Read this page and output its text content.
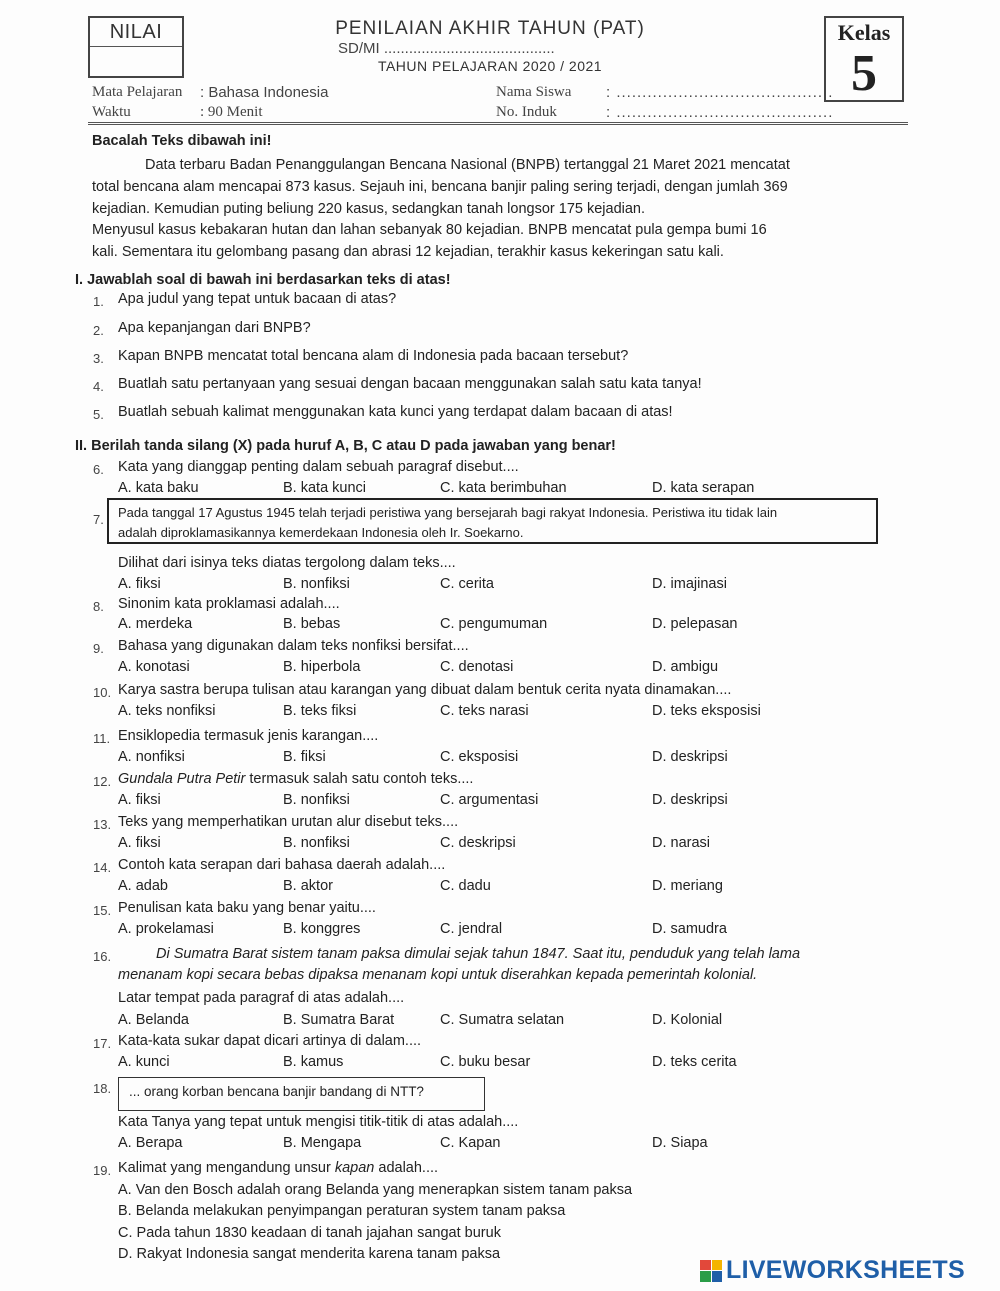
NILAI	PENILAIAN AKHIR TAHUN (PAT)
SD/MI .........................................
TAHUN PELAJARAN 2020 / 2021
Kelas
5
Mata Pelajaran : Bahasa Indonesia
Waktu	: 90 Menit
Nama Siswa : ..........................................
No. Induk	: ..........................................
Bacalah Teks dibawah ini!
Data terbaru Badan Penanggulangan Bencana Nasional (BNPB) tertanggal 21 Maret 2021 mencatat
total bencana alam mencapai 873 kasus. Sejauh ini, bencana banjir paling sering terjadi, dengan jumlah 369
kejadian. Kemudian puting beliung 220 kasus, sedangkan tanah longsor 175 kejadian.
Menyusul kasus kebakaran hutan dan lahan sebanyak 80 kejadian. BNPB mencatat pula gempa bumi 16
kali. Sementara itu gelombang pasang dan abrasi 12 kejadian, terakhir kasus kekeringan satu kali.
I. Jawablah soal di bawah ini berdasarkan teks di atas!
1. Apa judul yang tepat untuk bacaan di atas?
2. Apa kepanjangan dari BNPB?
3. Kapan BNPB mencatat total bencana alam di Indonesia pada bacaan tersebut?
4. Buatlah satu pertanyaan yang sesuai dengan bacaan menggunakan salah satu kata tanya!
5. Buatlah sebuah kalimat menggunakan kata kunci yang terdapat dalam bacaan di atas!
II. Berilah tanda silang (X) pada huruf A, B, C atau D pada jawaban yang benar!
6. Kata yang dianggap penting dalam sebuah paragraf disebut....
A. kata baku	B. kata kunci	C. kata berimbuhan	D. kata serapan
7. Pada tanggal 17 Agustus 1945 telah terjadi peristiwa yang bersejarah bagi rakyat Indonesia. Peristiwa itu tidak lain
adalah diproklamasikannya kemerdekaan Indonesia oleh Ir. Soekarno.
Dilihat dari isinya teks diatas tergolong dalam teks....
A. fiksi	B. nonfiksi	C. cerita	D. imajinasi
8. Sinonim kata proklamasi adalah....
A. merdeka	B. bebas	C. pengumuman	D. pelepasan
9. Bahasa yang digunakan dalam teks nonfiksi bersifat....
A. konotasi	B. hiperbola	C. denotasi	D. ambigu
10. Karya sastra berupa tulisan atau karangan yang dibuat dalam bentuk cerita nyata dinamakan....
A. teks nonfiksi	B. teks fiksi	C. teks narasi	D. teks eksposisi
11. Ensiklopedia termasuk jenis karangan....
A. nonfiksi	B. fiksi	C. eksposisi	D. deskripsi
12. Gundala Putra Petir termasuk salah satu contoh teks....
A. fiksi	B. nonfiksi	C. argumentasi	D. deskripsi
13. Teks yang memperhatikan urutan alur disebut teks....
A. fiksi	B. nonfiksi	C. deskripsi	D. narasi
14. Contoh kata serapan dari bahasa daerah adalah....
A. adab	B. aktor	C. dadu	D. meriang
15. Penulisan kata baku yang benar yaitu....
A. prokelamasi	B. konggres	C. jendral	D. samudra
16.	Di Sumatra Barat sistem tanam paksa dimulai sejak tahun 1847. Saat itu, penduduk yang telah lama
menanam kopi secara bebas dipaksa menanam kopi untuk diserahkan kepada pemerintah kolonial.
Latar tempat pada paragraf di atas adalah....
A. Belanda	B. Sumatra Barat	C. Sumatra selatan	D. Kolonial
17. Kata-kata sukar dapat dicari artinya di dalam....
A. kunci	B. kamus	C. buku besar	D. teks cerita
18. ... orang korban bencana banjir bandang di NTT?
Kata Tanya yang tepat untuk mengisi titik-titik di atas adalah....
A. Berapa	B. Mengapa	C. Kapan	D. Siapa
19. Kalimat yang mengandung unsur kapan adalah....
A. Van den Bosch adalah orang Belanda yang menerapkan sistem tanam paksa
B. Belanda melakukan penyimpangan peraturan system tanam paksa
C. Pada tahun 1830 keadaan di tanah jajahan sangat buruk
D. Rakyat Indonesia sangat menderita karena tanam paksa
LIVEWORKSHEETS
